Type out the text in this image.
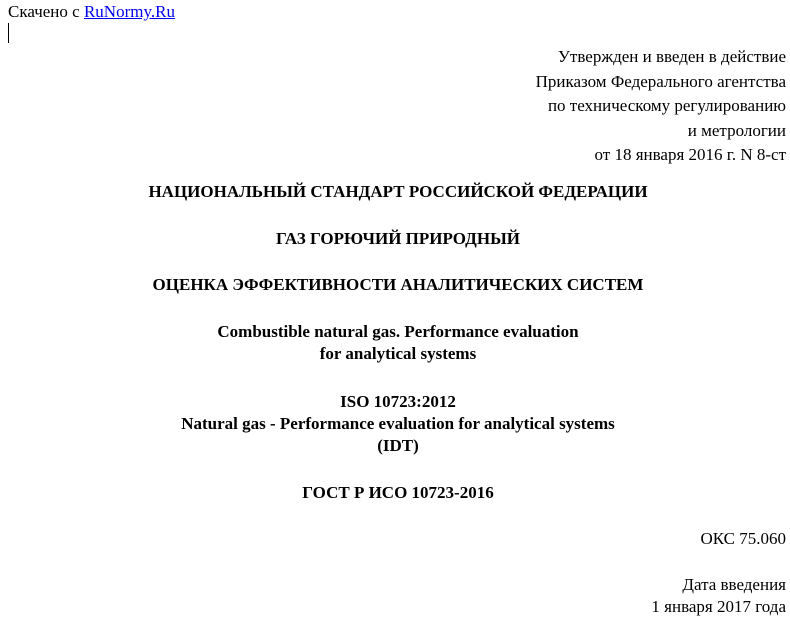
Скачено с RuNormy.Ru
Утвержден и введен в действие
Приказом Федерального агентства
по техническому регулированию
и метрологии
от 18 января 2016 г. N 8-ст
НАЦИОНАЛЬНЫЙ СТАНДАРТ РОССИЙСКОЙ ФЕДЕРАЦИИ
ГАЗ ГОРЮЧИЙ ПРИРОДНЫЙ
ОЦЕНКА ЭФФЕКТИВНОСТИ АНАЛИТИЧЕСКИХ СИСТЕМ
Combustible natural gas. Performance evaluation
for analytical systems
ISO 10723:2012
Natural gas - Performance evaluation for analytical systems
(IDT)
ГОСТ Р ИСО 10723-2016
ОКС 75.060
Дата введения
1 января 2017 года
